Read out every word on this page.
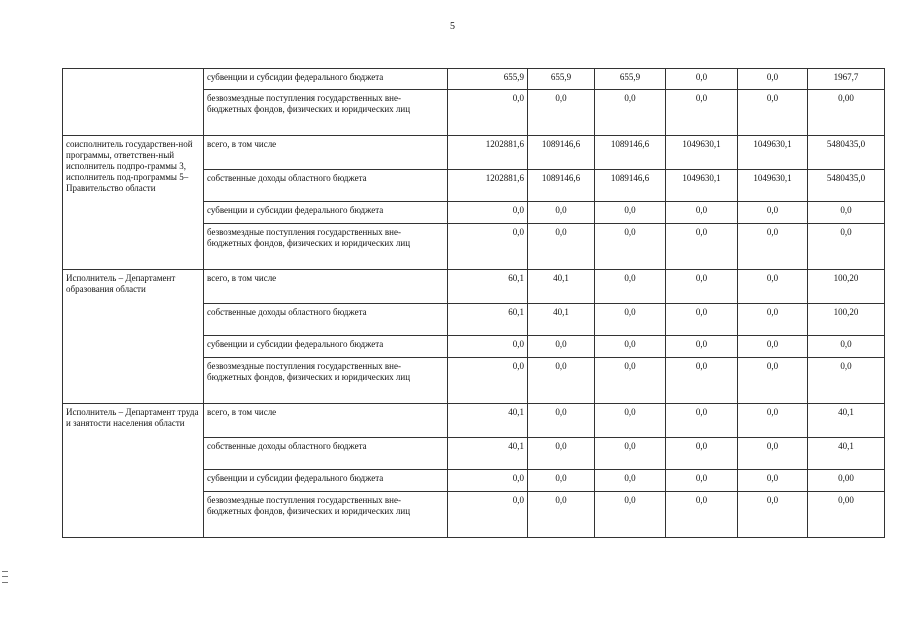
5
	субвенции и субсидии федерального бюджета	655,9	655,9	655,9	0,0	0,0	1967,7
	безвозмездные поступления государственных вне-бюджетных фондов, физических и юридических лиц	0,0	0,0	0,0	0,0	0,0	0,00
соисполнитель государствен-ной программы, ответствен-ный исполнитель подпро-граммы 3, исполнитель под-программы 5– Правительство области	всего, в том числе	1202881,6	1089146,6	1089146,6	1049630,1	1049630,1	5480435,0
	собственные доходы областного бюджета	1202881,6	1089146,6	1089146,6	1049630,1	1049630,1	5480435,0
	субвенции и субсидии федерального бюджета	0,0	0,0	0,0	0,0	0,0	0,0
	безвозмездные поступления государственных вне-бюджетных фондов, физических и юридических лиц	0,0	0,0	0,0	0,0	0,0	0,0
Исполнитель – Департамент образования области	всего, в том числе	60,1	40,1	0,0	0,0	0,0	100,20
	собственные доходы областного бюджета	60,1	40,1	0,0	0,0	0,0	100,20
	субвенции и субсидии федерального бюджета	0,0	0,0	0,0	0,0	0,0	0,0
	безвозмездные поступления государственных вне-бюджетных фондов, физических и юридических лиц	0,0	0,0	0,0	0,0	0,0	0,0
Исполнитель – Департамент труда и занятости населения области	всего, в том числе	40,1	0,0	0,0	0,0	0,0	40,1
	собственные доходы областного бюджета	40,1	0,0	0,0	0,0	0,0	40,1
	субвенции и субсидии федерального бюджета	0,0	0,0	0,0	0,0	0,0	0,00
	безвозмездные поступления государственных вне-бюджетных фондов, физических и юридических лиц	0,0	0,0	0,0	0,0	0,0	0,00
